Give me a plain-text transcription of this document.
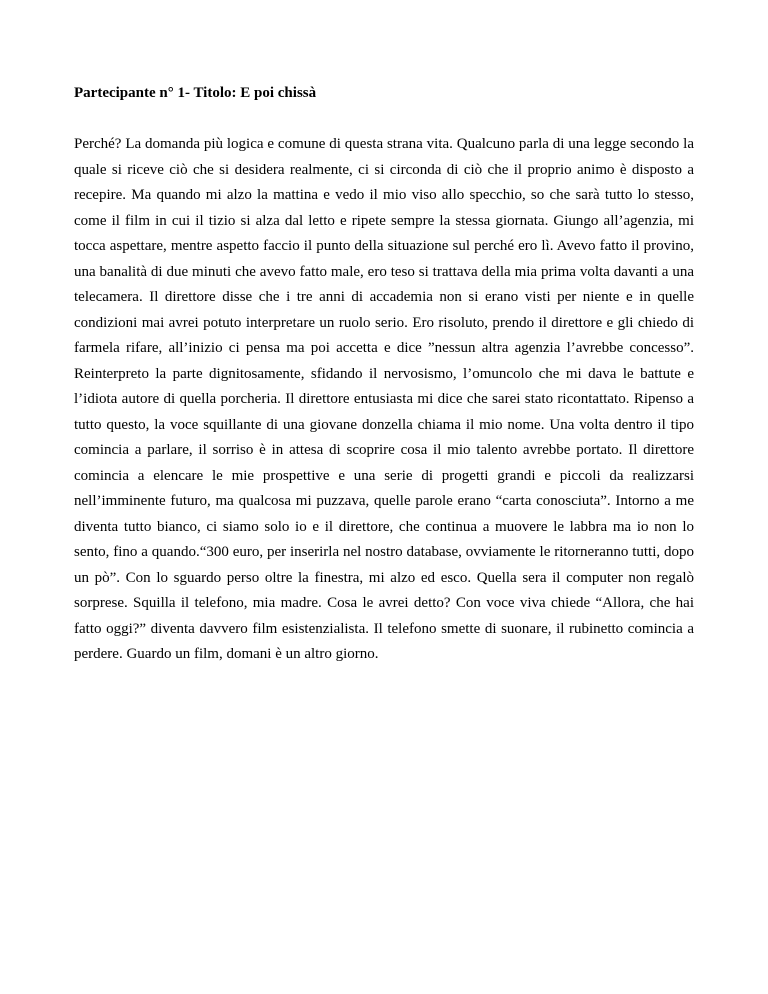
Partecipante n° 1- Titolo: E poi chissà

Perché? La domanda più logica e comune di questa strana vita. Qualcuno parla di una legge secondo la quale si riceve ciò che si desidera realmente, ci si circonda di ciò che il proprio animo è disposto a recepire. Ma quando mi alzo la mattina e vedo il mio viso allo specchio, so che sarà tutto lo stesso, come il film in cui il tizio si alza dal letto e ripete sempre la stessa giornata. Giungo all’agenzia, mi tocca aspettare, mentre aspetto faccio il punto della situazione sul perché ero lì. Avevo fatto il provino, una banalità di due minuti che avevo fatto male, ero teso si trattava della mia prima volta davanti a una telecamera. Il direttore disse che i tre anni di accademia non si erano visti per niente e in quelle condizioni mai avrei potuto interpretare un ruolo serio. Ero risoluto, prendo il direttore e gli chiedo di farmela rifare, all’inizio ci pensa ma poi accetta e dice ”nessun altra agenzia l’avrebbe concesso”. Reinterpreto la parte dignitosamente, sfidando il nervosismo, l’omuncolo che mi dava le battute e l’idiota autore di quella porcheria. Il direttore entusiasta mi dice che sarei stato ricontattato. Ripenso a tutto questo, la voce squillante di una giovane donzella chiama il mio nome. Una volta dentro il tipo comincia a parlare, il sorriso è in attesa di scoprire cosa il mio talento avrebbe portato. Il direttore comincia a elencare le mie prospettive e una serie di progetti grandi e piccoli da realizzarsi nell’imminente futuro, ma qualcosa mi puzzava, quelle parole erano “carta conosciuta”. Intorno a me diventa tutto bianco, ci siamo solo io e il direttore, che continua a muovere le labbra ma io non lo sento, fino a quando.“300 euro, per inserirla nel nostro database, ovviamente le ritorneranno tutti, dopo un pò”. Con lo sguardo perso oltre la finestra, mi alzo ed esco. Quella sera il computer non regalò sorprese. Squilla il telefono, mia madre. Cosa le avrei detto? Con voce viva chiede “Allora, che hai fatto oggi?” diventa davvero film esistenzialista. Il telefono smette di suonare, il rubinetto comincia a perdere. Guardo un film, domani è un altro giorno.
